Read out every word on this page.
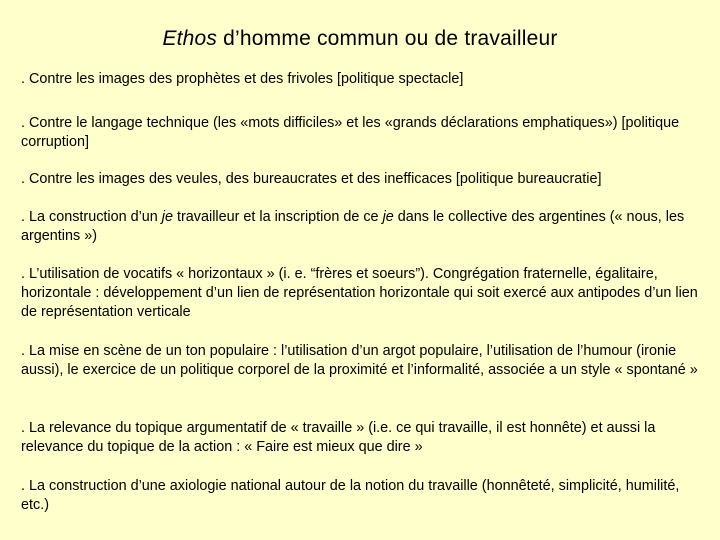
Ethos d’homme commun ou de travailleur

. Contre les images des prophètes et des frivoles [politique spectacle]

. Contre le langage technique (les «mots difficiles» et les «grands déclarations emphatiques») [politique corruption]

. Contre les images des veules, des bureaucrates et des inefficaces [politique bureaucratie]

. La construction d’un je travailleur et la inscription de ce je dans le collective des argentines (« nous, les argentins »)

. L’utilisation de vocatifs « horizontaux » (i. e. “frères et soeurs”). Congrégation fraternelle, égalitaire, horizontale : développement d’un lien de représentation horizontale qui soit exercé aux antipodes d’un lien de représentation verticale

. La mise en scène de un ton populaire : l’utilisation d’un argot populaire, l’utilisation de l’humour (ironie aussi), le exercice de un politique corporel de la proximité et l’informalité, associée a un style « spontané »

. La relevance du topique argumentatif de « travaille » (i.e. ce qui travaille, il est honnête) et aussi la relevance du topique de la action : « Faire est mieux que dire »

. La construction d’une axiologie national autour de la notion du travaille (honnêteté, simplicité, humilité, etc.)
